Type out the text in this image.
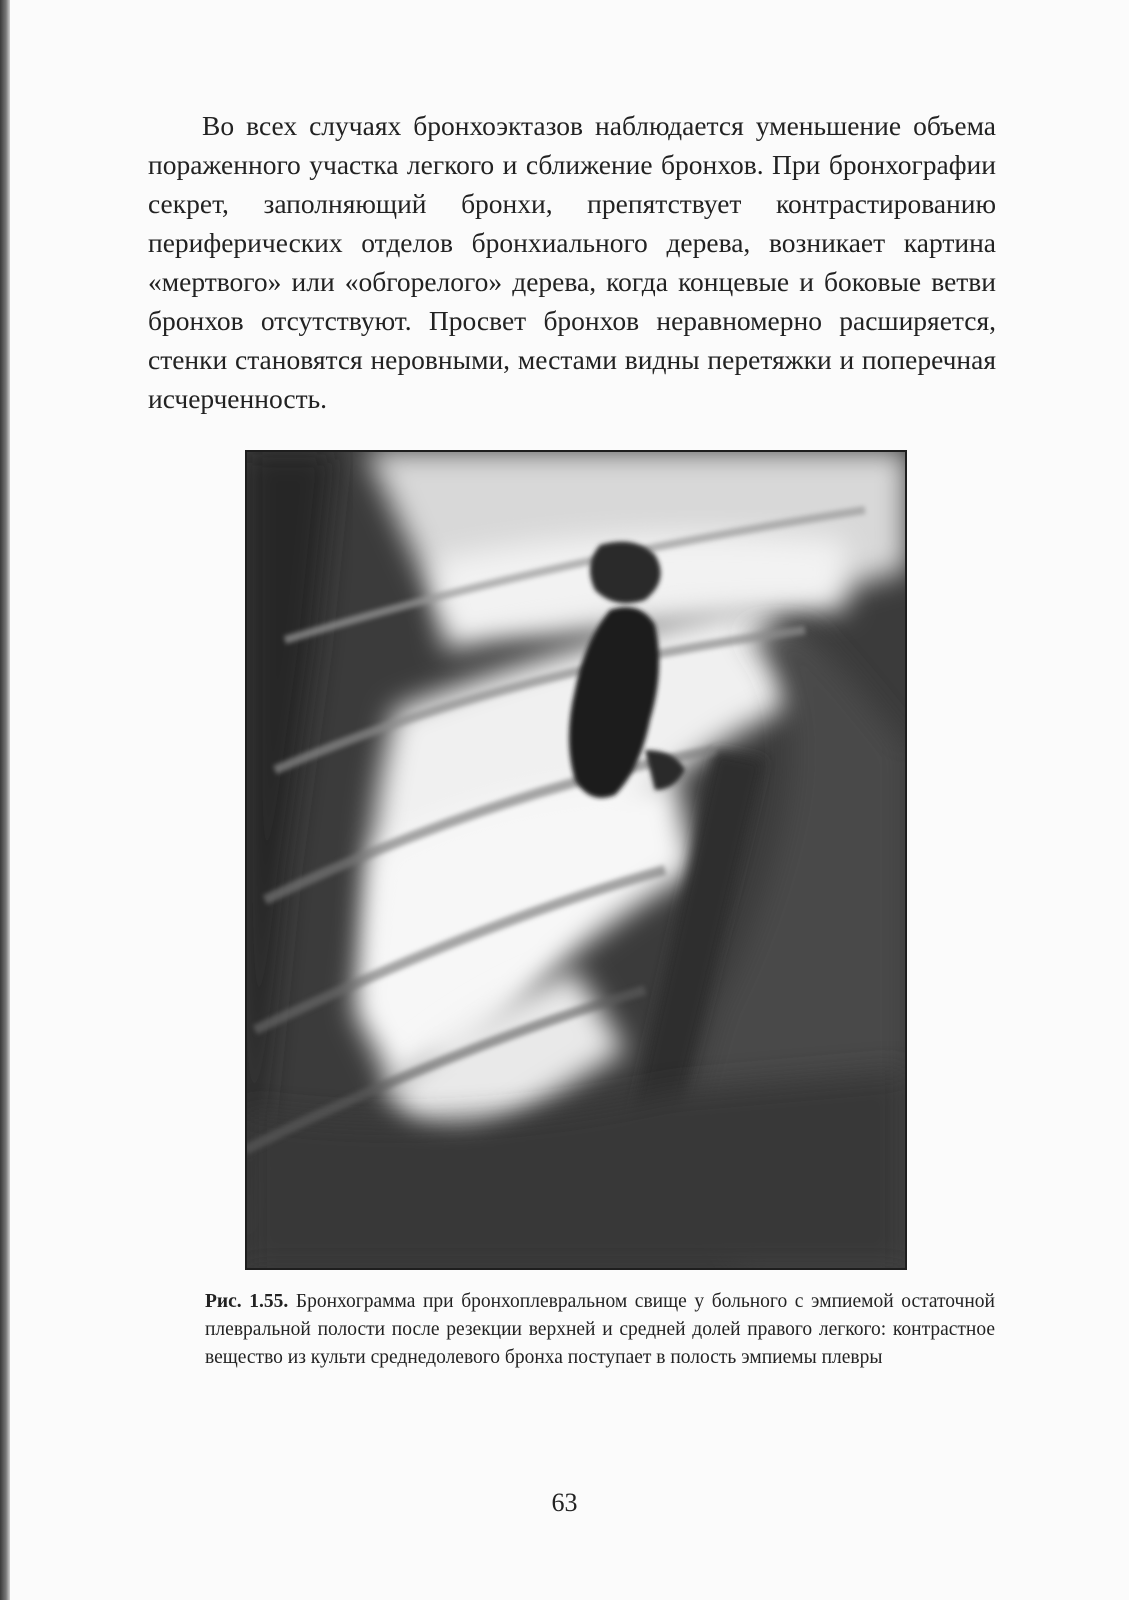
Во всех случаях бронхоэктазов наблюдается уменьшение объема пораженного участка легкого и сближение бронхов. При бронхографии секрет, заполняющий бронхи, препятствует контрастированию периферических отделов бронхиального дерева, возникает картина «мертвого» или «обгорелого» дерева, когда концевые и боковые ветви бронхов отсутствуют. Просвет бронхов неравномерно расширяется, стенки становятся неровными, местами видны перетяжки и поперечная исчерченность.

Рис. 1.55. Бронхограмма при бронхоплевральном свище у больного с эмпиемой остаточной плевральной полости после резекции верхней и средней долей правого легкого: контрастное вещество из культи среднедолевого бронха поступает в полость эмпиемы плевры

63
